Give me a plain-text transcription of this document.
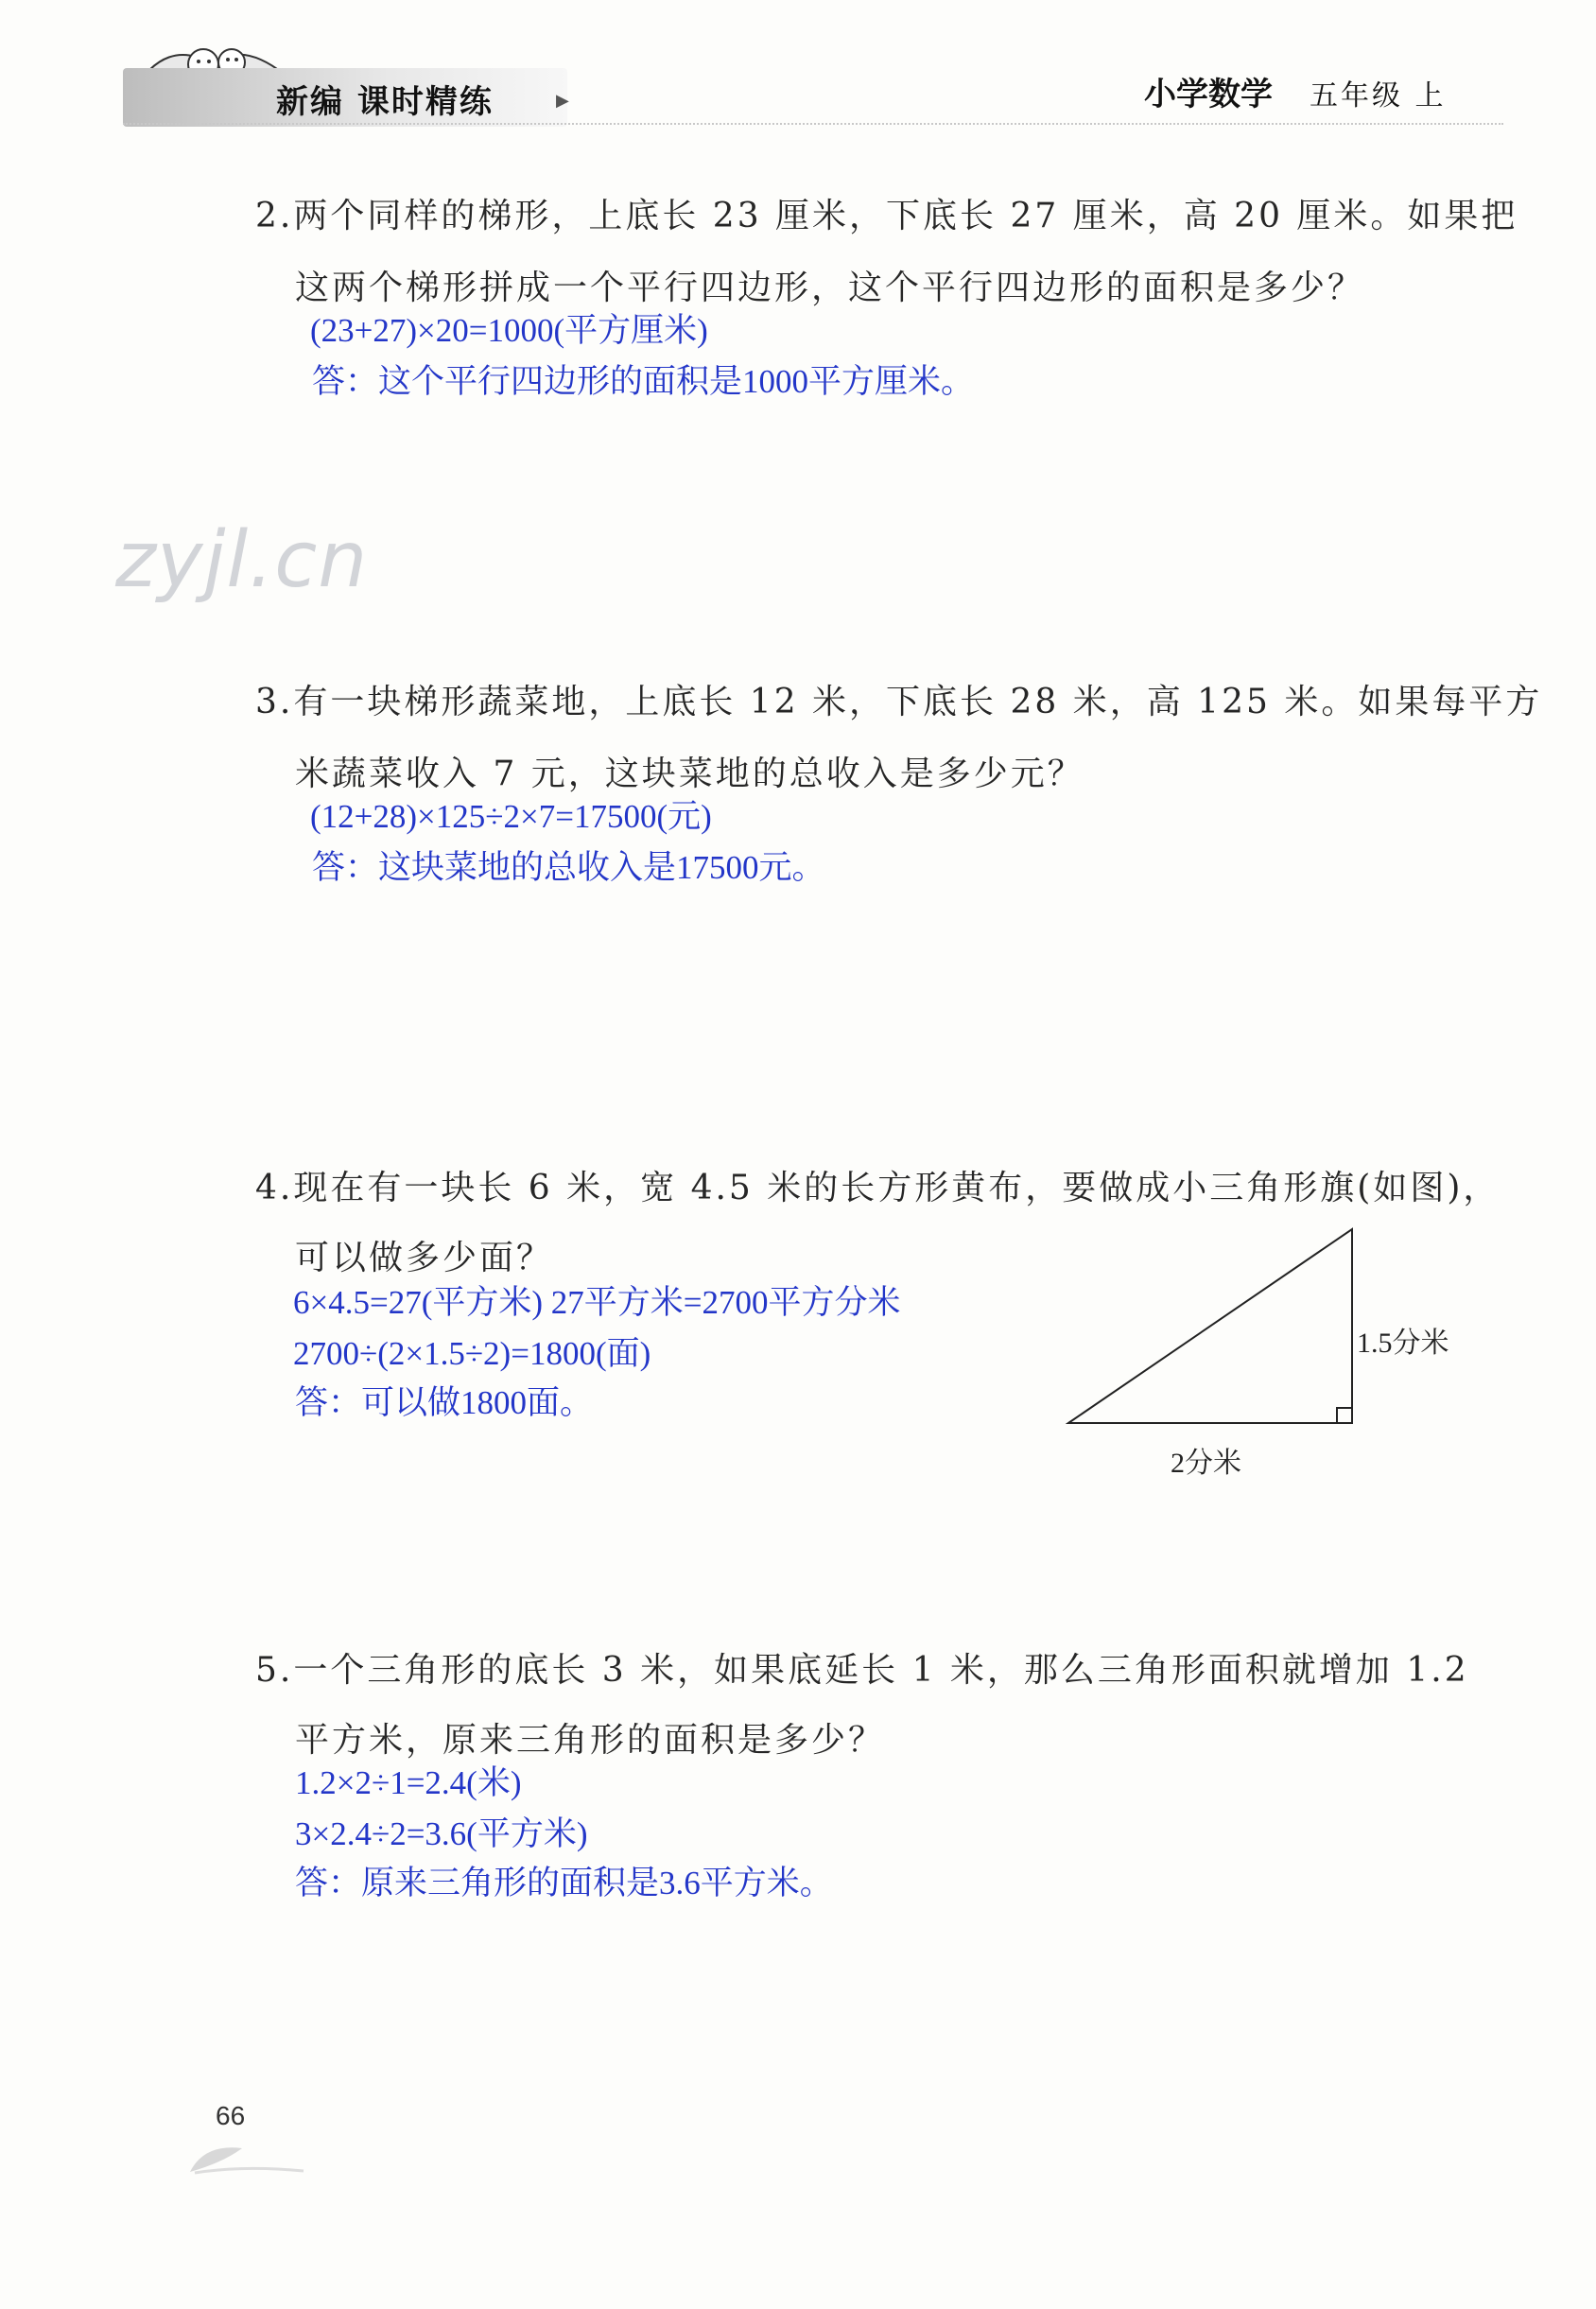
新编 课时精练	▶	小学数学 五年级 上
2.两个同样的梯形，上底长 23 厘米，下底长 27 厘米，高 20 厘米。如果把
这两个梯形拼成一个平行四边形，这个平行四边形的面积是多少？
(23+27)×20=1000(平方厘米)
答：这个平行四边形的面积是1000平方厘米。
zyjl.cn
3.有一块梯形蔬菜地，上底长 12 米，下底长 28 米，高 125 米。如果每平方
米蔬菜收入 7 元，这块菜地的总收入是多少元？
(12+28)×125÷2×7=17500(元)
答：这块菜地的总收入是17500元。
4.现在有一块长 6 米，宽 4.5 米的长方形黄布，要做成小三角形旗(如图)，
可以做多少面？
6×4.5=27(平方米) 27平方米=2700平方分米
2700÷(2×1.5÷2)=1800(面)
答：可以做1800面。
1.5分米
2分米
5.一个三角形的底长 3 米，如果底延长 1 米，那么三角形面积就增加 1.2
平方米，原来三角形的面积是多少？
1.2×2÷1=2.4(米)
3×2.4÷2=3.6(平方米)
答：原来三角形的面积是3.6平方米。
66
